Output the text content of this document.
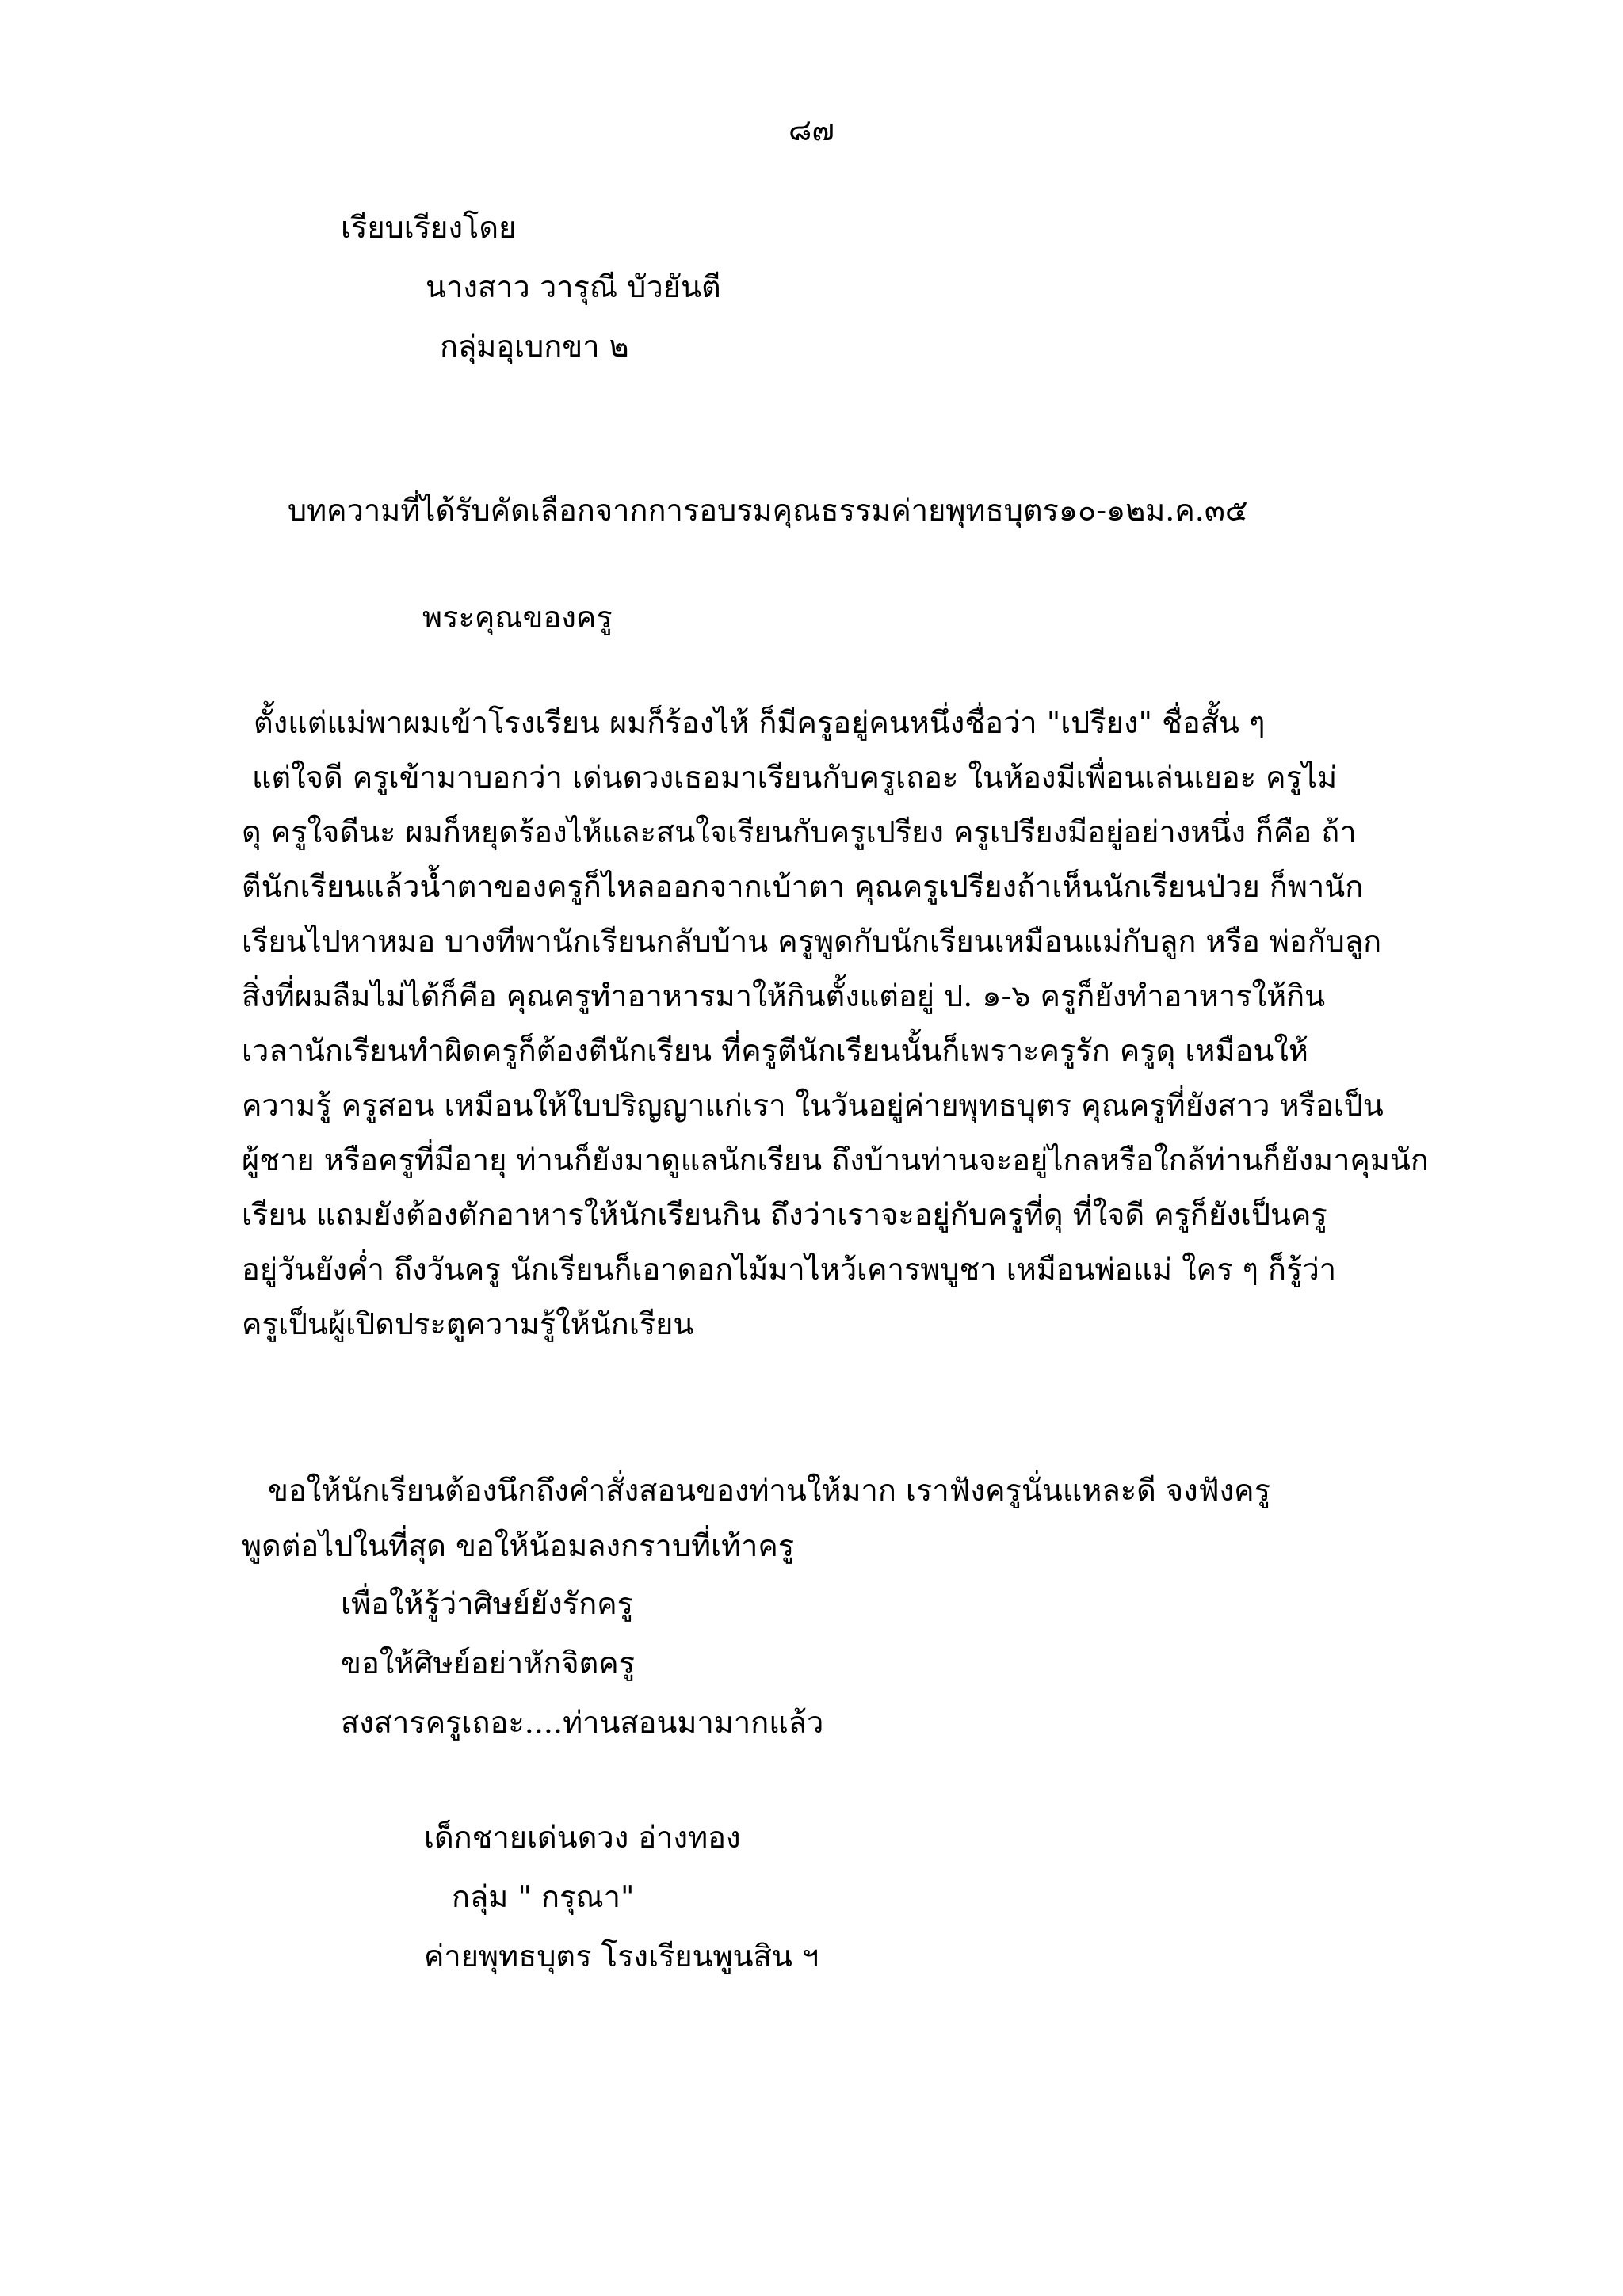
๘๗
เรียบเรียงโดย
นางสาว วารุณี บัวยันตี
กลุ่มอุเบกขา ๒
บทความที่ได้รับคัดเลือกจากการอบรมคุณธรรมค่ายพุทธบุตร๑๐-๑๒ม.ค.๓๕
พระคุณของครู
ตั้งแต่แม่พาผมเข้าโรงเรียน ผมก็ร้องไห้ ก็มีครูอยู่คนหนึ่งชื่อว่า "เปรียง" ชื่อสั้น ๆ
แต่ใจดี ครูเข้ามาบอกว่า เด่นดวงเธอมาเรียนกับครูเถอะ ในห้องมีเพื่อนเล่นเยอะ ครูไม่
ดุ ครูใจดีนะ ผมก็หยุดร้องไห้และสนใจเรียนกับครูเปรียง ครูเปรียงมีอยู่อย่างหนึ่ง ก็คือ ถ้า
ตีนักเรียนแล้วน้ำตาของครูก็ไหลออกจากเบ้าตา คุณครูเปรียงถ้าเห็นนักเรียนป่วย ก็พานัก
เรียนไปหาหมอ บางทีพานักเรียนกลับบ้าน ครูพูดกับนักเรียนเหมือนแม่กับลูก หรือ พ่อกับลูก
สิ่งที่ผมลืมไม่ได้ก็คือ คุณครูทำอาหารมาให้กินตั้งแต่อยู่ ป. ๑-๖ ครูก็ยังทำอาหารให้กิน
เวลานักเรียนทำผิดครูก็ต้องตีนักเรียน ที่ครูตีนักเรียนนั้นก็เพราะครูรัก ครูดุ เหมือนให้
ความรู้ ครูสอน เหมือนให้ใบปริญญาแก่เรา ในวันอยู่ค่ายพุทธบุตร คุณครูที่ยังสาว หรือเป็น
ผู้ชาย หรือครูที่มีอายุ ท่านก็ยังมาดูแลนักเรียน ถึงบ้านท่านจะอยู่ไกลหรือใกล้ท่านก็ยังมาคุมนัก
เรียน แถมยังต้องตักอาหารให้นักเรียนกิน ถึงว่าเราจะอยู่กับครูที่ดุ ที่ใจดี ครูก็ยังเป็นครู
อยู่วันยังค่ำ ถึงวันครู นักเรียนก็เอาดอกไม้มาไหว้เคารพบูชา เหมือนพ่อแม่ ใคร ๆ ก็รู้ว่า
ครูเป็นผู้เปิดประตูความรู้ให้นักเรียน
ขอให้นักเรียนต้องนึกถึงคำสั่งสอนของท่านให้มาก เราฟังครูนั่นแหละดี จงฟังครู
พูดต่อไปในที่สุด ขอให้น้อมลงกราบที่เท้าครู
เพื่อให้รู้ว่าศิษย์ยังรักครู
ขอให้ศิษย์อย่าหักจิตครู
สงสารครูเถอะ....ท่านสอนมามากแล้ว
เด็กชายเด่นดวง อ่างทอง
กลุ่ม " กรุณา"
ค่ายพุทธบุตร โรงเรียนพูนสิน ฯ
